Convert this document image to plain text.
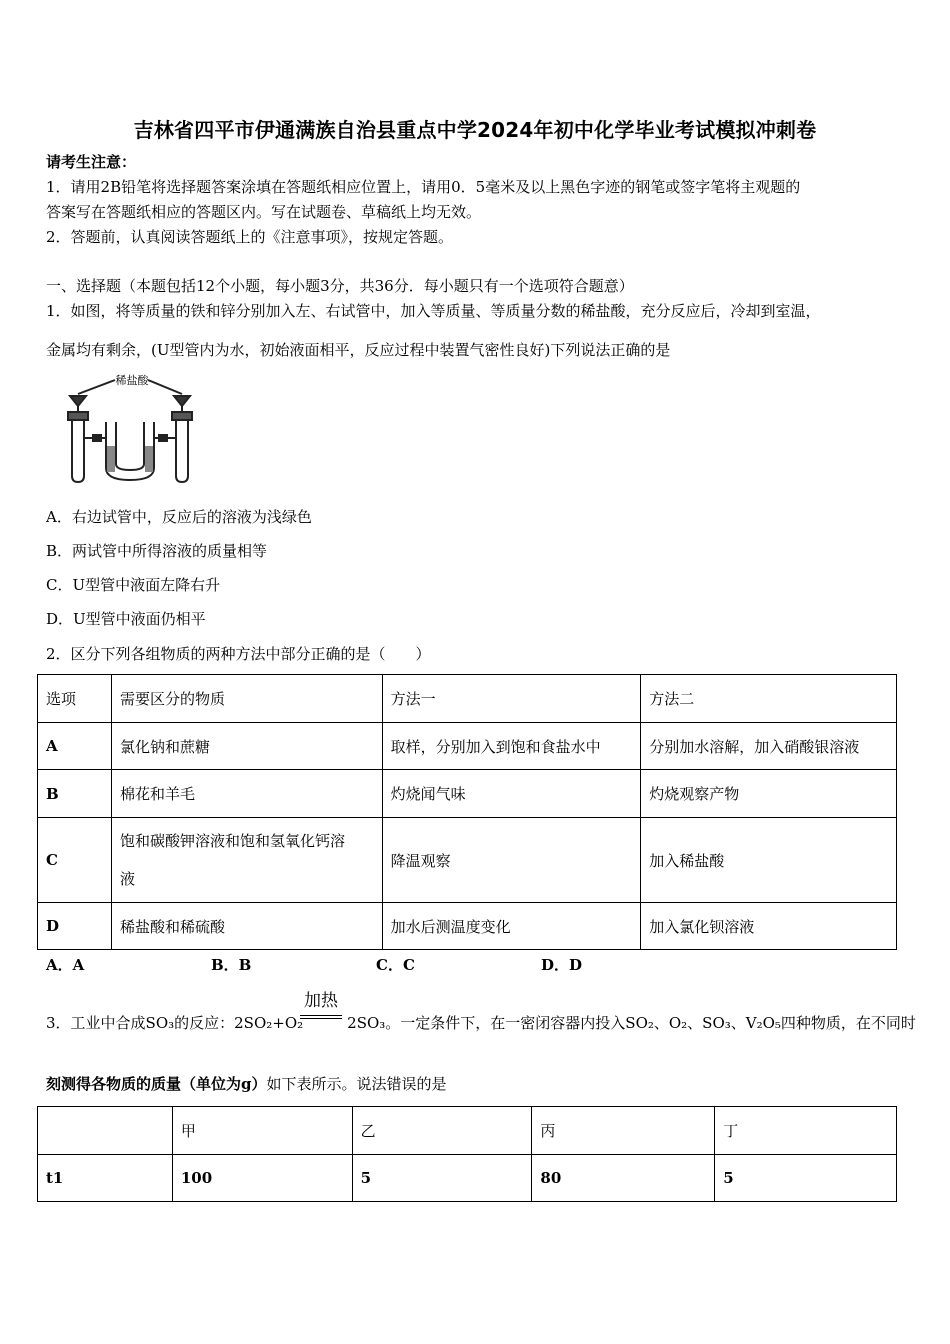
吉林省四平市伊通满族自治县重点中学2024年初中化学毕业考试模拟冲刺卷
请考生注意：
1．请用2B铅笔将选择题答案涂填在答题纸相应位置上，请用0．5毫米及以上黑色字迹的钢笔或签字笔将主观题的
答案写在答题纸相应的答题区内。写在试题卷、草稿纸上均无效。
2．答题前，认真阅读答题纸上的《注意事项》，按规定答题。
一、选择题（本题包括12个小题，每小题3分，共36分．每小题只有一个选项符合题意）
1．如图，将等质量的铁和锌分别加入左、右试管中，加入等质量、等质量分数的稀盐酸，充分反应后，冷却到室温，
金属均有剩余，(U型管内为水，初始液面相平，反应过程中装置气密性良好)下列说法正确的是
稀盐酸
A．右边试管中，反应后的溶液为浅绿色
B．两试管中所得溶液的质量相等
C．U型管中液面左降右升
D．U型管中液面仍相平
2．区分下列各组物质的两种方法中部分正确的是（　　）
选项	需要区分的物质	方法一	方法二
A	氯化钠和蔗糖	取样，分别加入到饱和食盐水中	分别加水溶解，加入硝酸银溶液
B	棉花和羊毛	灼烧闻气味	灼烧观察产物
C	饱和碳酸钾溶液和饱和氢氧化钙溶
液	降温观察	加入稀盐酸
D	稀盐酸和稀硫酸	加水后测温度变化	加入氯化钡溶液
A．A	B．B	C．C	D．D
3．工业中合成SO₃的反应：2SO₂+O₂	2SO₃。一定条件下，在一密闭容器内投入SO₂、O₂、SO₃、V₂O₅四种物质，在不同时
加热
刻测得各物质的质量（单位为g）如下表所示。说法错误的是
	甲	乙	丙	丁
t1	100	5	80	5
